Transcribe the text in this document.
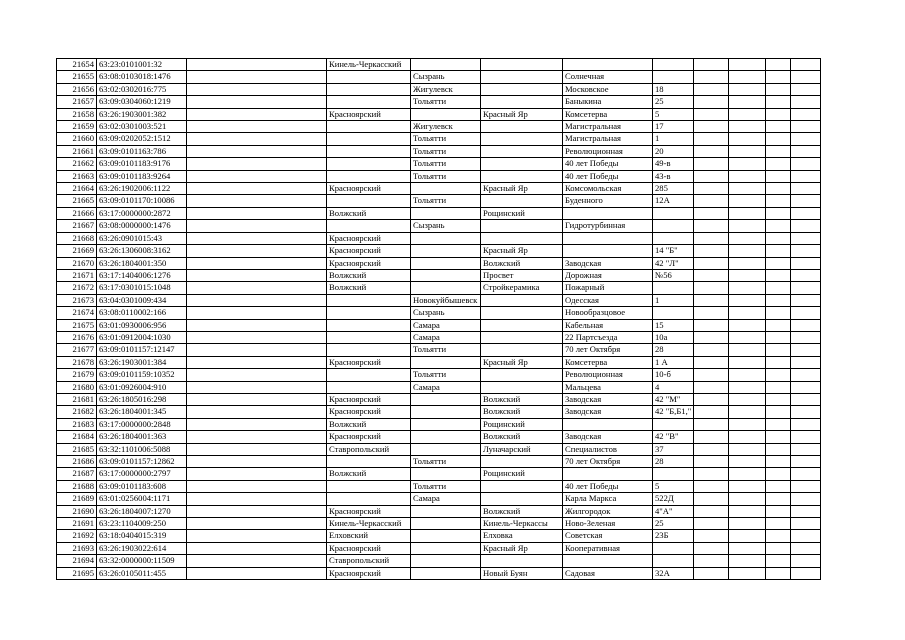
21654	63:23:0101001:32		Кинель-Черкасский								
21655	63:08:0103018:1476			Сызрань		Солнечная					
21656	63:02:0302016:775			Жигулевск		Московское	18				
21657	63:09:0304060:1219			Тольятти		Баныкина	25				
21658	63:26:1903001:382		Красноярский		Красный Яр	Комсетерва	5				
21659	63:02:0301003:521			Жигулевск		Магистральная	17				
21660	63:09:0202052:1512			Тольятти		Магистральная	1				
21661	63:09:0101163:786			Тольятти		Революционная	20				
21662	63:09:0101183:9176			Тольятти		40 лет Победы	49-в				
21663	63:09:0101183:9264			Тольятти		40 лет Победы	43-в				
21664	63:26:1902006:1122		Красноярский		Красный Яр	Комсомольская	285				
21665	63:09:0101170:10086			Тольятти		Буденного	12А				
21666	63:17:0000000:2872		Волжский		Рощинский						
21667	63:08:0000000:1476			Сызрань		Гидротурбинная					
21668	63:26:0901015:43		Красноярский								
21669	63:26:1306008:3162		Красноярский		Красный Яр		14 "Б"				
21670	63:26:1804001:350		Красноярский		Волжский	Заводская	42 "Л"				
21671	63:17:1404006:1276		Волжский		Просвет	Дорожная	№56				
21672	63:17:0301015:1048		Волжский		Стройкерамика	Пожарный					
21673	63:04:0301009:434			Новокуйбышевск		Одесская	1				
21674	63:08:0110002:166			Сызрань		Новообразцовое					
21675	63:01:0930006:956			Самара		Кабельная	15				
21676	63:01:0912004:1030			Самара		22 Партсъезда	10а				
21677	63:09:0101157:12147			Тольятти		70 лет Октября	28				
21678	63:26:1903001:384		Красноярский		Красный Яр	Комсетерва	1 А				
21679	63:09:0101159:10352			Тольятти		Революционная	10-б				
21680	63:01:0926004:910			Самара		Мальцева	4				
21681	63:26:1805016:298		Красноярский		Волжский	Заводская	42 "М"				
21682	63:26:1804001:345		Красноярский		Волжский	Заводская	42 "Б,Б1,"				
21683	63:17:0000000:2848		Волжский		Рощинский						
21684	63:26:1804001:363		Красноярский		Волжский	Заводская	42 "В"				
21685	63:32:1101006:5088		Ставропольский		Луначарский	Специалистов	37				
21686	63:09:0101157:12862			Тольятти		70 лет Октября	28				
21687	63:17:0000000:2797		Волжский		Рощинский						
21688	63:09:0101183:608			Тольятти		40 лет Победы	5				
21689	63:01:0256004:1171			Самара		Карла Маркса	522Д				
21690	63:26:1804007:1270		Красноярский		Волжский	Жилгородок	4"А"				
21691	63:23:1104009:250		Кинель-Черкасский		Кинель-Черкассы	Ново-Зеленая	25				
21692	63:18:0404015:319		Елховский		Елховка	Советская	23Б				
21693	63:26:1903022:614		Красноярский		Красный Яр	Кооперативная					
21694	63:32:0000000:11509		Ставропольский								
21695	63:26:0105011:455		Красноярский		Новый Буян	Садовая	32А				
